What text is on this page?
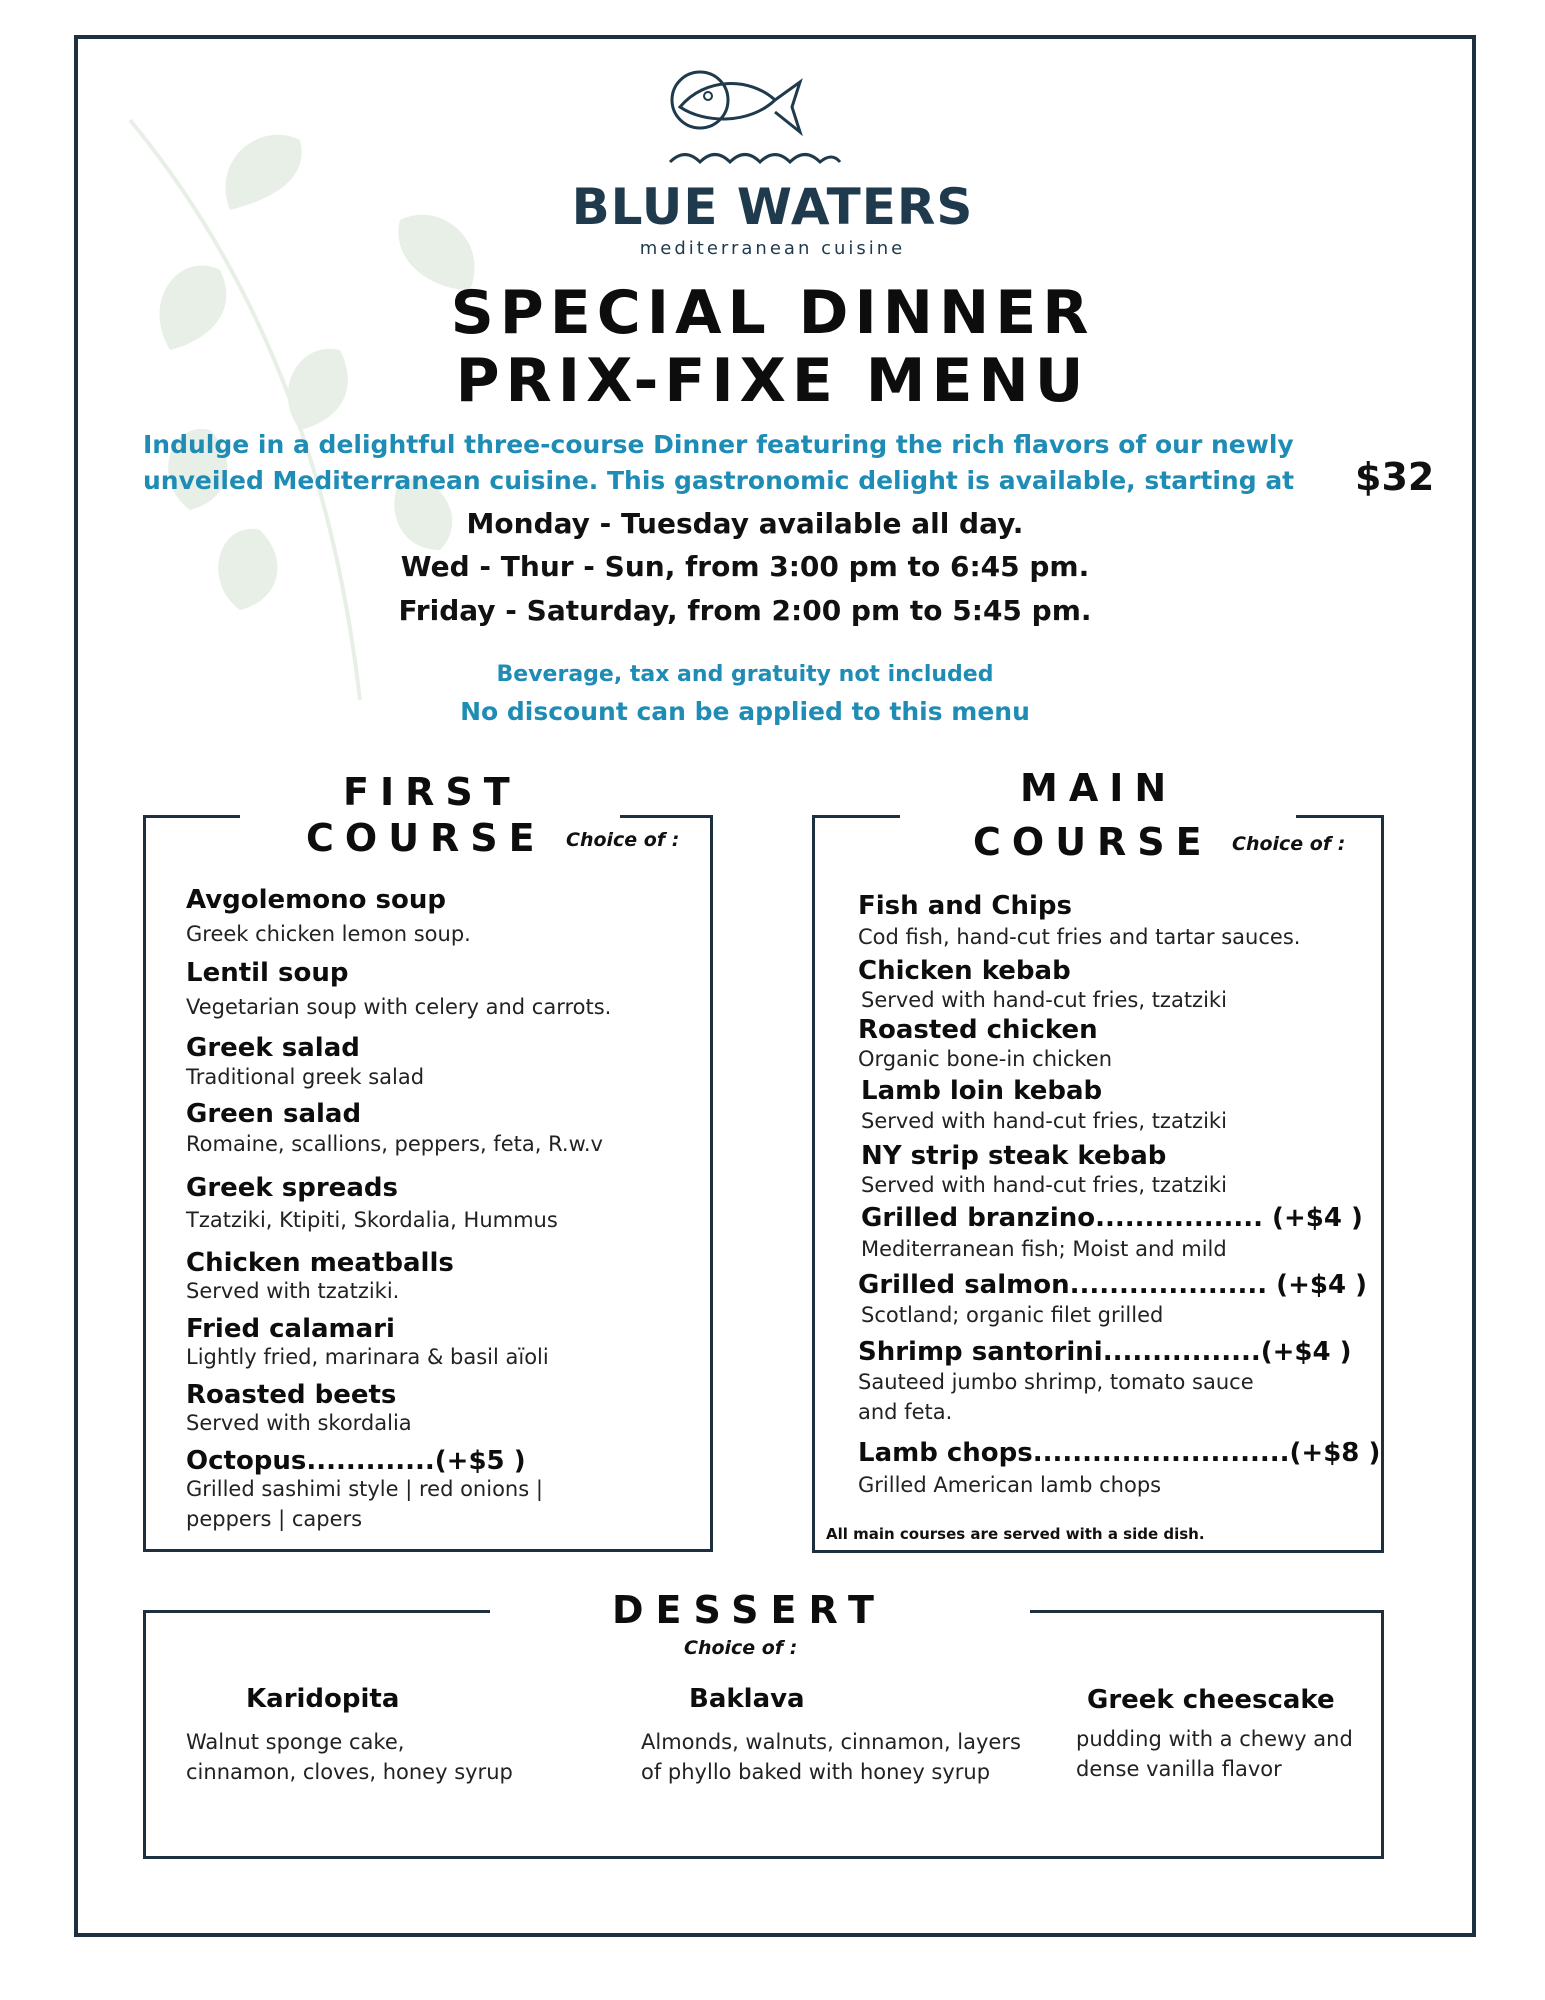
BLUE WATERS
mediterranean cuisine
SPECIAL DINNER
PRIX-FIXE MENU
Indulge in a delightful three-course Dinner featuring the rich flavors of our newly unveiled Mediterranean cuisine. This gastronomic delight is available, starting at	$32
Monday - Tuesday available all day.
Wed - Thur - Sun, from 3:00 pm to 6:45 pm.
Friday - Saturday, from 2:00 pm to 5:45 pm.
Beverage, tax and gratuity not included
No discount can be applied to this menu
FIRST
COURSE Choice of :
Avgolemono soup
Greek chicken lemon soup.
Lentil soup
Vegetarian soup with celery and carrots.
Greek salad
Traditional greek salad
Green salad
Romaine, scallions, peppers, feta, R.w.v
Greek spreads
Tzatziki, Ktipiti, Skordalia, Hummus
Chicken meatballs
Served with tzatziki.
Fried calamari
Lightly fried, marinara & basil aïoli
Roasted beets
Served with skordalia
Octopus.............(+$5 )
Grilled sashimi style | red onions | peppers | capers
MAIN
COURSE Choice of :
Fish and Chips
Cod fish, hand-cut fries and tartar sauces.
Chicken kebab
Served with hand-cut fries, tzatziki
Roasted chicken
Organic bone-in chicken
Lamb loin kebab
Served with hand-cut fries, tzatziki
NY strip steak kebab
Served with hand-cut fries, tzatziki
Grilled branzino................. (+$4 )
Mediterranean fish; Moist and mild
Grilled salmon.................... (+$4 )
Scotland; organic filet grilled
Shrimp santorini................(+$4 )
Sauteed jumbo shrimp, tomato sauce and feta.
Lamb chops..........................(+$8 )
Grilled American lamb chops
All main courses are served with a side dish.
DESSERT
Choice of :
Karidopita
Walnut sponge cake, cinnamon, cloves, honey syrup
Baklava
Almonds, walnuts, cinnamon, layers of phyllo baked with honey syrup
Greek cheescake
pudding with a chewy and dense vanilla flavor
